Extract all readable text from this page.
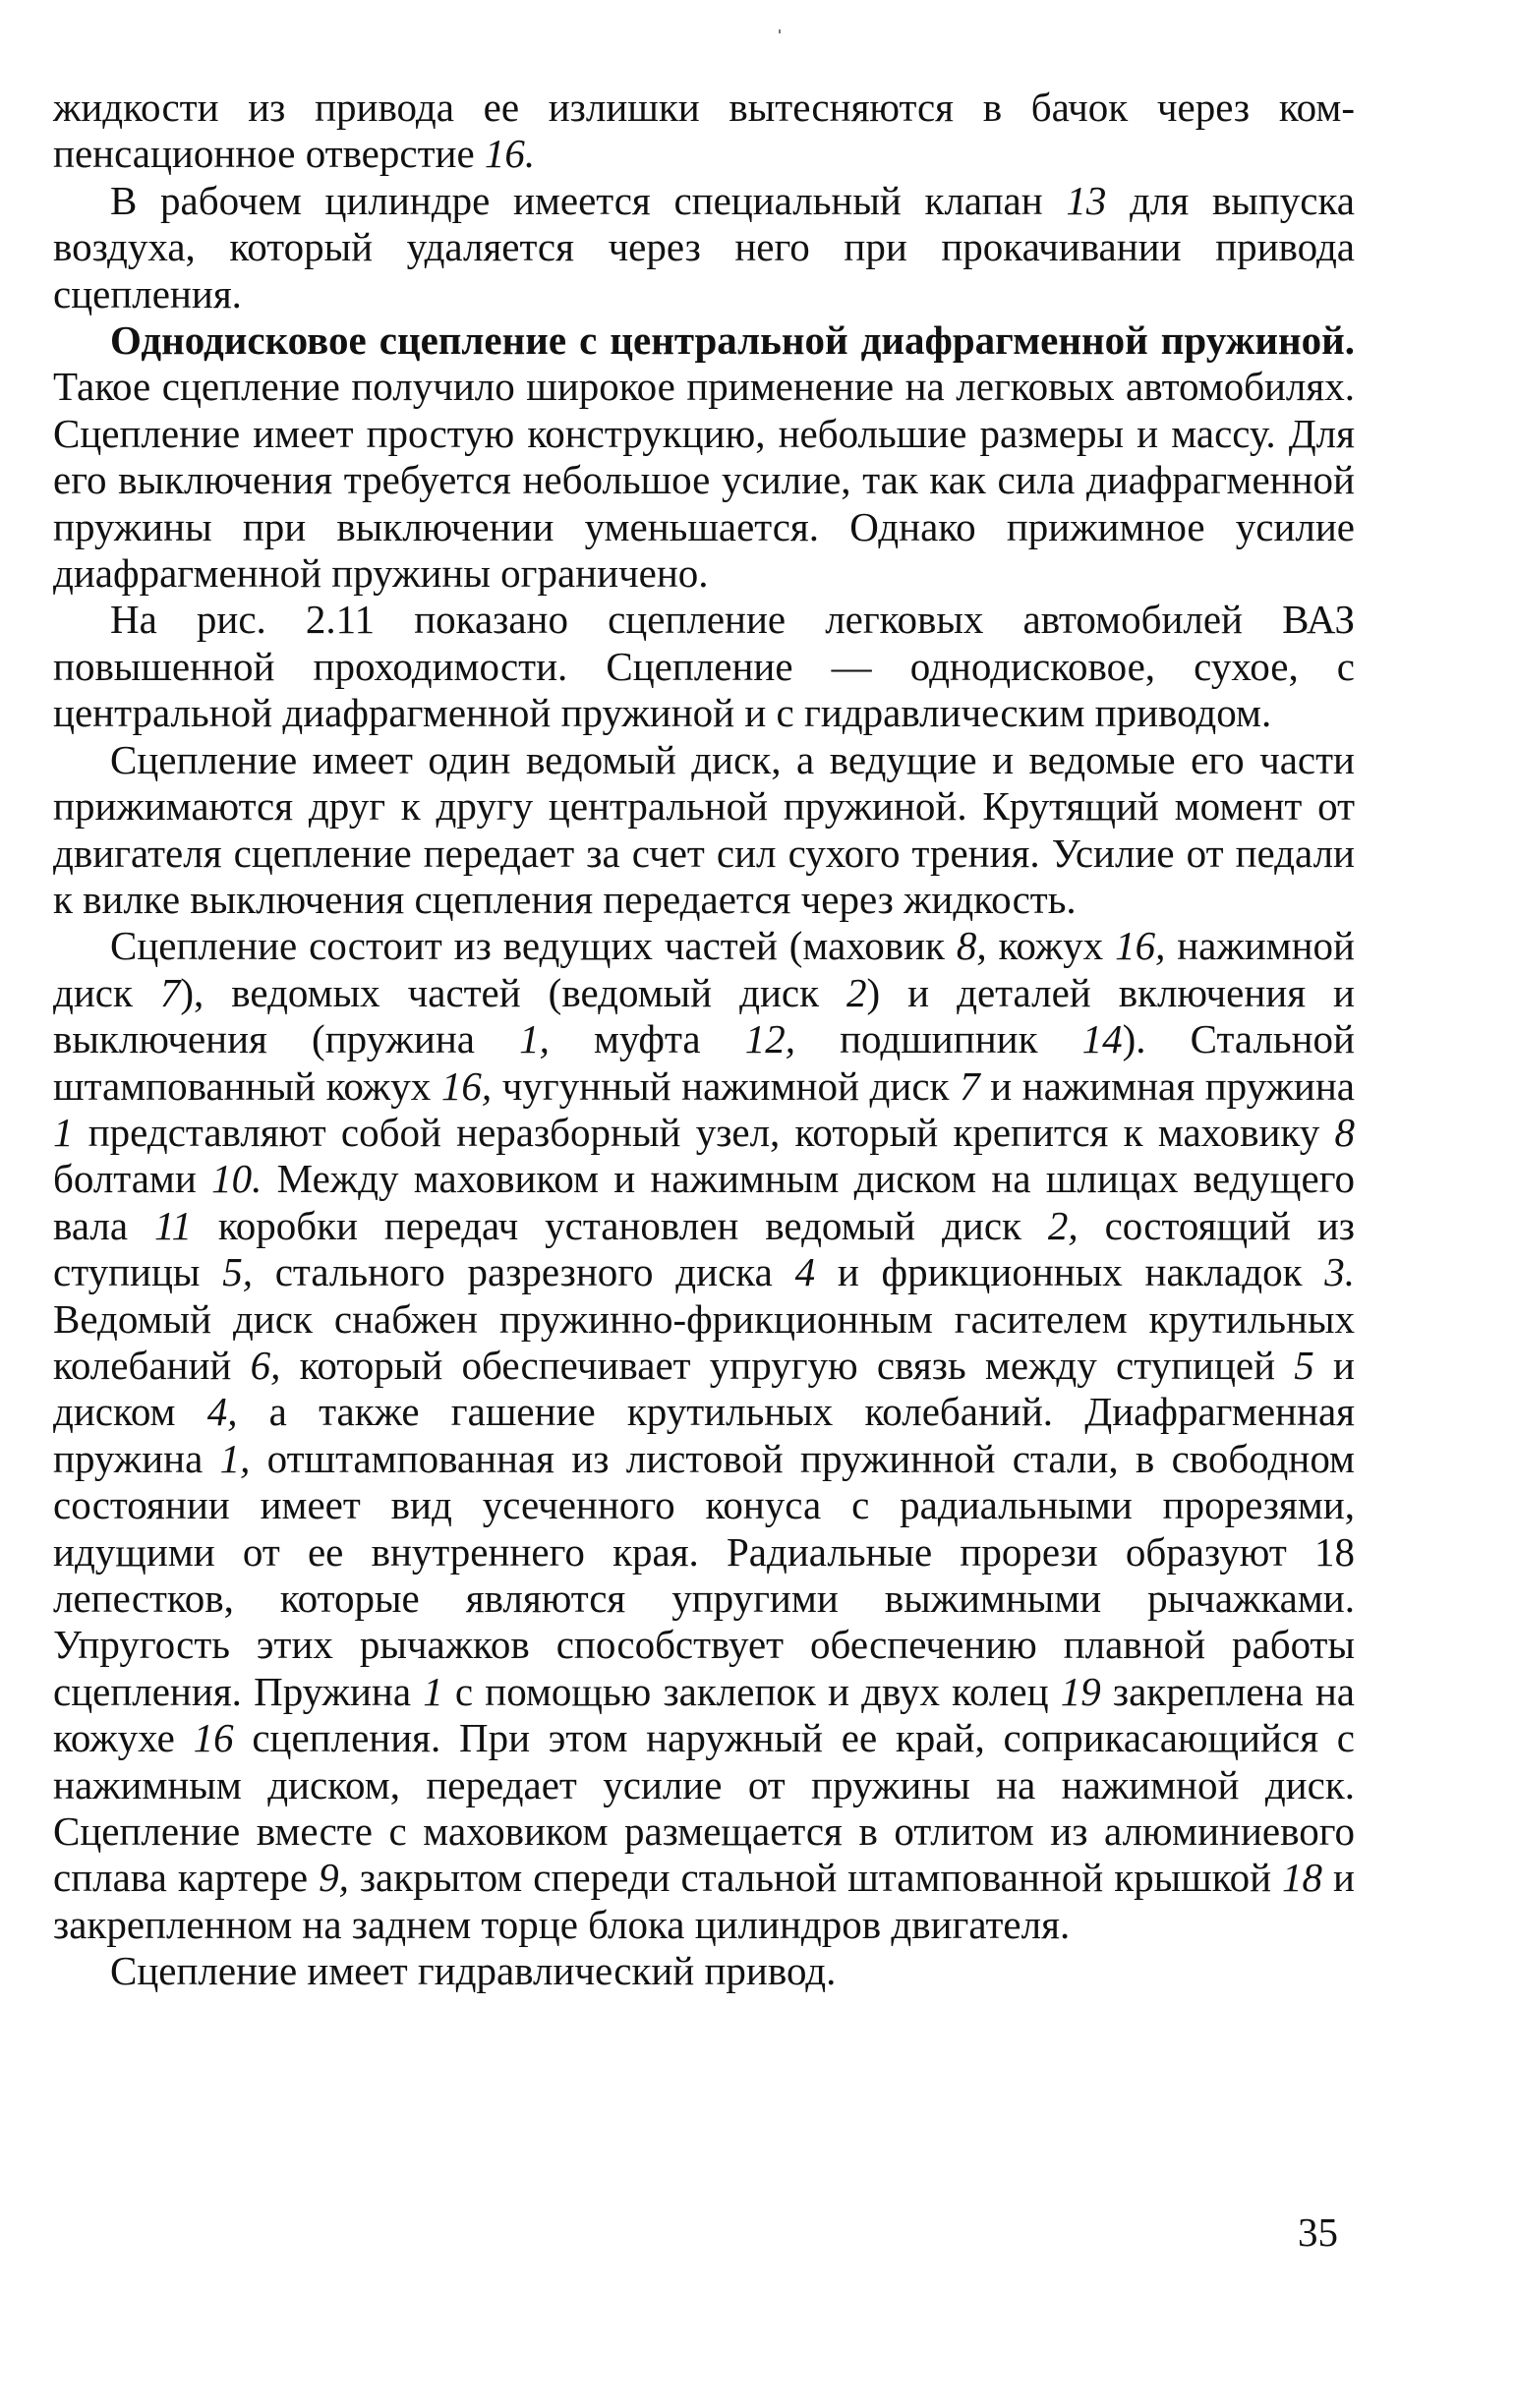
жидкости из привода ее излишки вытесняются в бачок через компенсационное отверстие 16.

В рабочем цилиндре имеется специальный клапан 13 для выпуска воздуха, который удаляется через него при прокачивании привода сцепления.

Однодисковое сцепление с центральной диафрагменной пружиной. Такое сцепление получило широкое применение на легковых автомобилях. Сцепление имеет простую конструкцию, небольшие размеры и массу. Для его выключения требуется небольшое усилие, так как сила диафрагменной пружины при выключении уменьшается. Однако прижимное усилие диафрагменной пружины ограничено.

На рис. 2.11 показано сцепление легковых автомобилей ВАЗ повышенной проходимости. Сцепление — однодисковое, сухое, с центральной диафрагменной пружиной и с гидравлическим приводом.

Сцепление имеет один ведомый диск, а ведущие и ведомые его части прижимаются друг к другу центральной пружиной. Крутящий момент от двигателя сцепление передает за счет сил сухого трения. Усилие от педали к вилке выключения сцепления передается через жидкость.

Сцепление состоит из ведущих частей (маховик 8, кожух 16, нажимной диск 7), ведомых частей (ведомый диск 2) и деталей включения и выключения (пружина 1, муфта 12, подшипник 14). Стальной штампованный кожух 16, чугунный нажимной диск 7 и нажимная пружина 1 представляют собой неразборный узел, который крепится к маховику 8 болтами 10. Между маховиком и нажимным диском на шлицах ведущего вала 11 коробки передач установлен ведомый диск 2, состоящий из ступицы 5, стального разрезного диска 4 и фрикционных накладок 3. Ведомый диск снабжен пружинно-фрикционным гасителем крутильных колебаний 6, который обеспечивает упругую связь между ступицей 5 и диском 4, а также гашение крутильных колебаний. Диафрагменная пружина 1, отштампованная из листовой пружинной стали, в свободном состоянии имеет вид усеченного конуса с радиальными прорезями, идущими от ее внутреннего края. Радиальные прорези образуют 18 лепестков, которые являются упругими выжимными рычажками. Упругость этих рычажков способствует обеспечению плавной работы сцепления. Пружина 1 с помощью заклепок и двух колец 19 закреплена на кожухе 16 сцепления. При этом наружный ее край, соприкасающийся с нажимным диском, передает усилие от пружины на нажимной диск. Сцепление вместе с маховиком размещается в отлитом из алюминиевого сплава картере 9, закрытом спереди стальной штампованной крышкой 18 и закрепленном на заднем торце блока цилиндров двигателя.

Сцепление имеет гидравлический привод.

35
